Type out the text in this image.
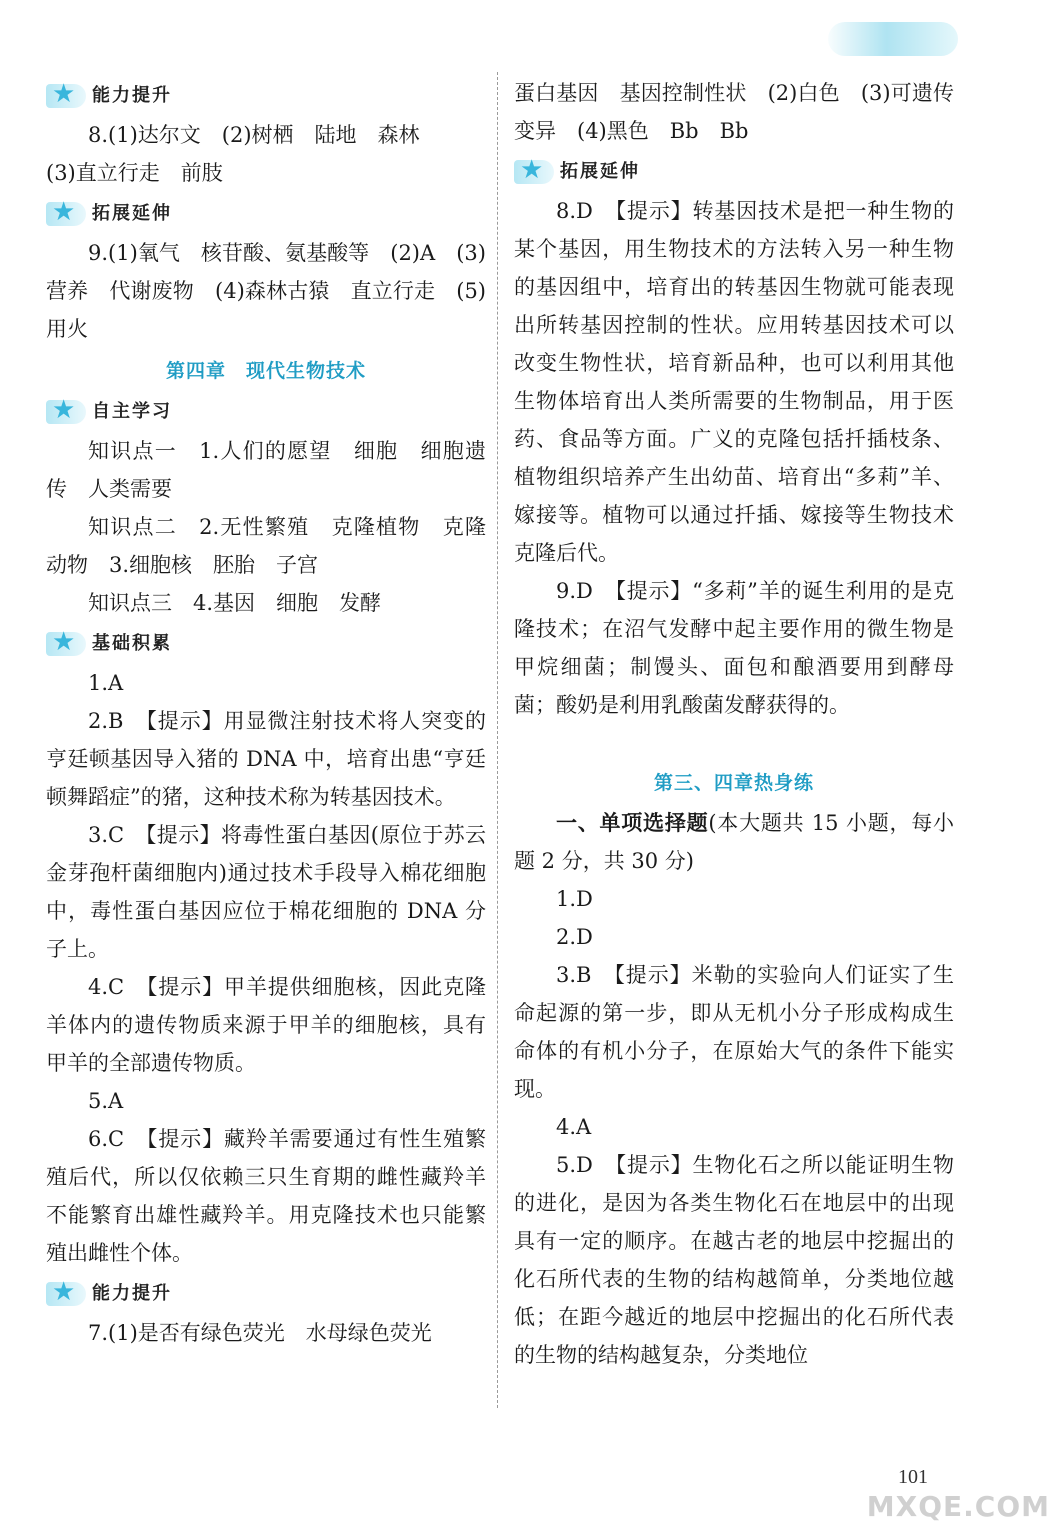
★
能力提升

8.(1)达尔文　(2)树栖　陆地　森林

(3)直立行走　前肢

★
拓展延伸

9.(1)氧气　核苷酸、氨基酸等　(2)A　(3)营养　代谢废物　(4)森林古猿　直立行走　(5)用火

第四章　现代生物技术
★
自主学习

知识点一　1.人们的愿望　细胞　细胞遗传　人类需要

知识点二　2.无性繁殖　克隆植物　克隆动物　3.细胞核　胚胎　子宫

知识点三　4.基因　细胞　发酵

★
基础积累

1.A

2.B　【提示】用显微注射技术将人突变的亨廷顿基因导入猪的 DNA 中，培育出患“亨廷顿舞蹈症”的猪，这种技术称为转基因技术。

3.C　【提示】将毒性蛋白基因(原位于苏云金芽孢杆菌细胞内)通过技术手段导入棉花细胞中，毒性蛋白基因应位于棉花细胞的 DNA 分子上。

4.C　【提示】甲羊提供细胞核，因此克隆羊体内的遗传物质来源于甲羊的细胞核，具有甲羊的全部遗传物质。

5.A

6.C　【提示】藏羚羊需要通过有性生殖繁殖后代，所以仅依赖三只生育期的雌性藏羚羊不能繁育出雄性藏羚羊。用克隆技术也只能繁殖出雌性个体。

★
能力提升

7.(1)是否有绿色荧光　水母绿色荧光

蛋白基因　基因控制性状　(2)白色　(3)可遗传变异　(4)黑色　Bb　Bb

★
拓展延伸

8.D　【提示】转基因技术是把一种生物的某个基因，用生物技术的方法转入另一种生物的基因组中，培育出的转基因生物就可能表现出所转基因控制的性状。应用转基因技术可以改变生物性状，培育新品种，也可以利用其他生物体培育出人类所需要的生物制品，用于医药、食品等方面。广义的克隆包括扦插枝条、植物组织培养产生出幼苗、培育出“多莉”羊、嫁接等。植物可以通过扦插、嫁接等生物技术克隆后代。

9.D　【提示】“多莉”羊的诞生利用的是克隆技术；在沼气发酵中起主要作用的微生物是甲烷细菌；制馒头、面包和酿酒要用到酵母菌；酸奶是利用乳酸菌发酵获得的。

第三、四章热身练

一、单项选择题(本大题共 15 小题，每小题 2 分，共 30 分)

1.D

2.D

3.B　【提示】米勒的实验向人们证实了生命起源的第一步，即从无机小分子形成构成生命体的有机小分子，在原始大气的条件下能实现。

4.A

5.D　【提示】生物化石之所以能证明生物的进化，是因为各类生物化石在地层中的出现具有一定的顺序。在越古老的地层中挖掘出的化石所代表的生物的结构越简单，分类地位越低；在距今越近的地层中挖掘出的化石所代表的生物的结构越复杂，分类地位

101
MXQE.COM
